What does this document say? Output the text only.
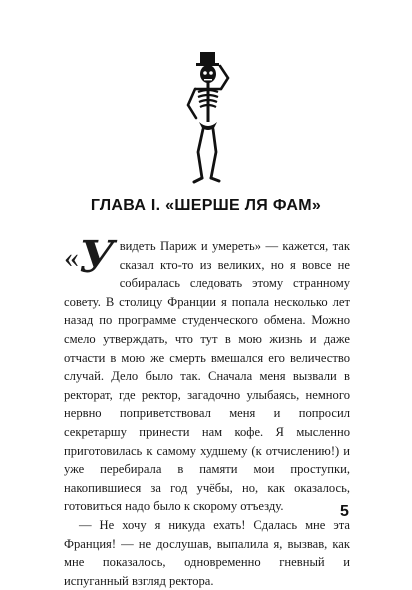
ГЛАВА I. «ШЕРШЕ ЛЯ ФАМ»

«У видеть Париж и умереть» — кажется, так сказал кто-то из великих, но я вовсе не собиралась следовать этому странному совету. В столицу Франции я попала несколько лет назад по программе студенческого обмена. Можно смело утверждать, что тут в мою жизнь и даже отчасти в мою же смерть вмешался его величество случай. Дело было так. Сначала меня вызвали в ректорат, где ректор, загадочно улыбаясь, немного нервно поприветствовал меня и попросил секретаршу принести нам кофе. Я мысленно приготовилась к самому худшему (к отчислению!) и уже перебирала в памяти мои проступки, накопившиеся за год учёбы, но, как оказалось, готовиться надо было к скорому отъезду.

— Не хочу я никуда ехать! Сдалась мне эта Франция! — не дослушав, выпалила я, вызвав, как мне показалось, одновременно гневный и испуганный взгляд ректора.

5
